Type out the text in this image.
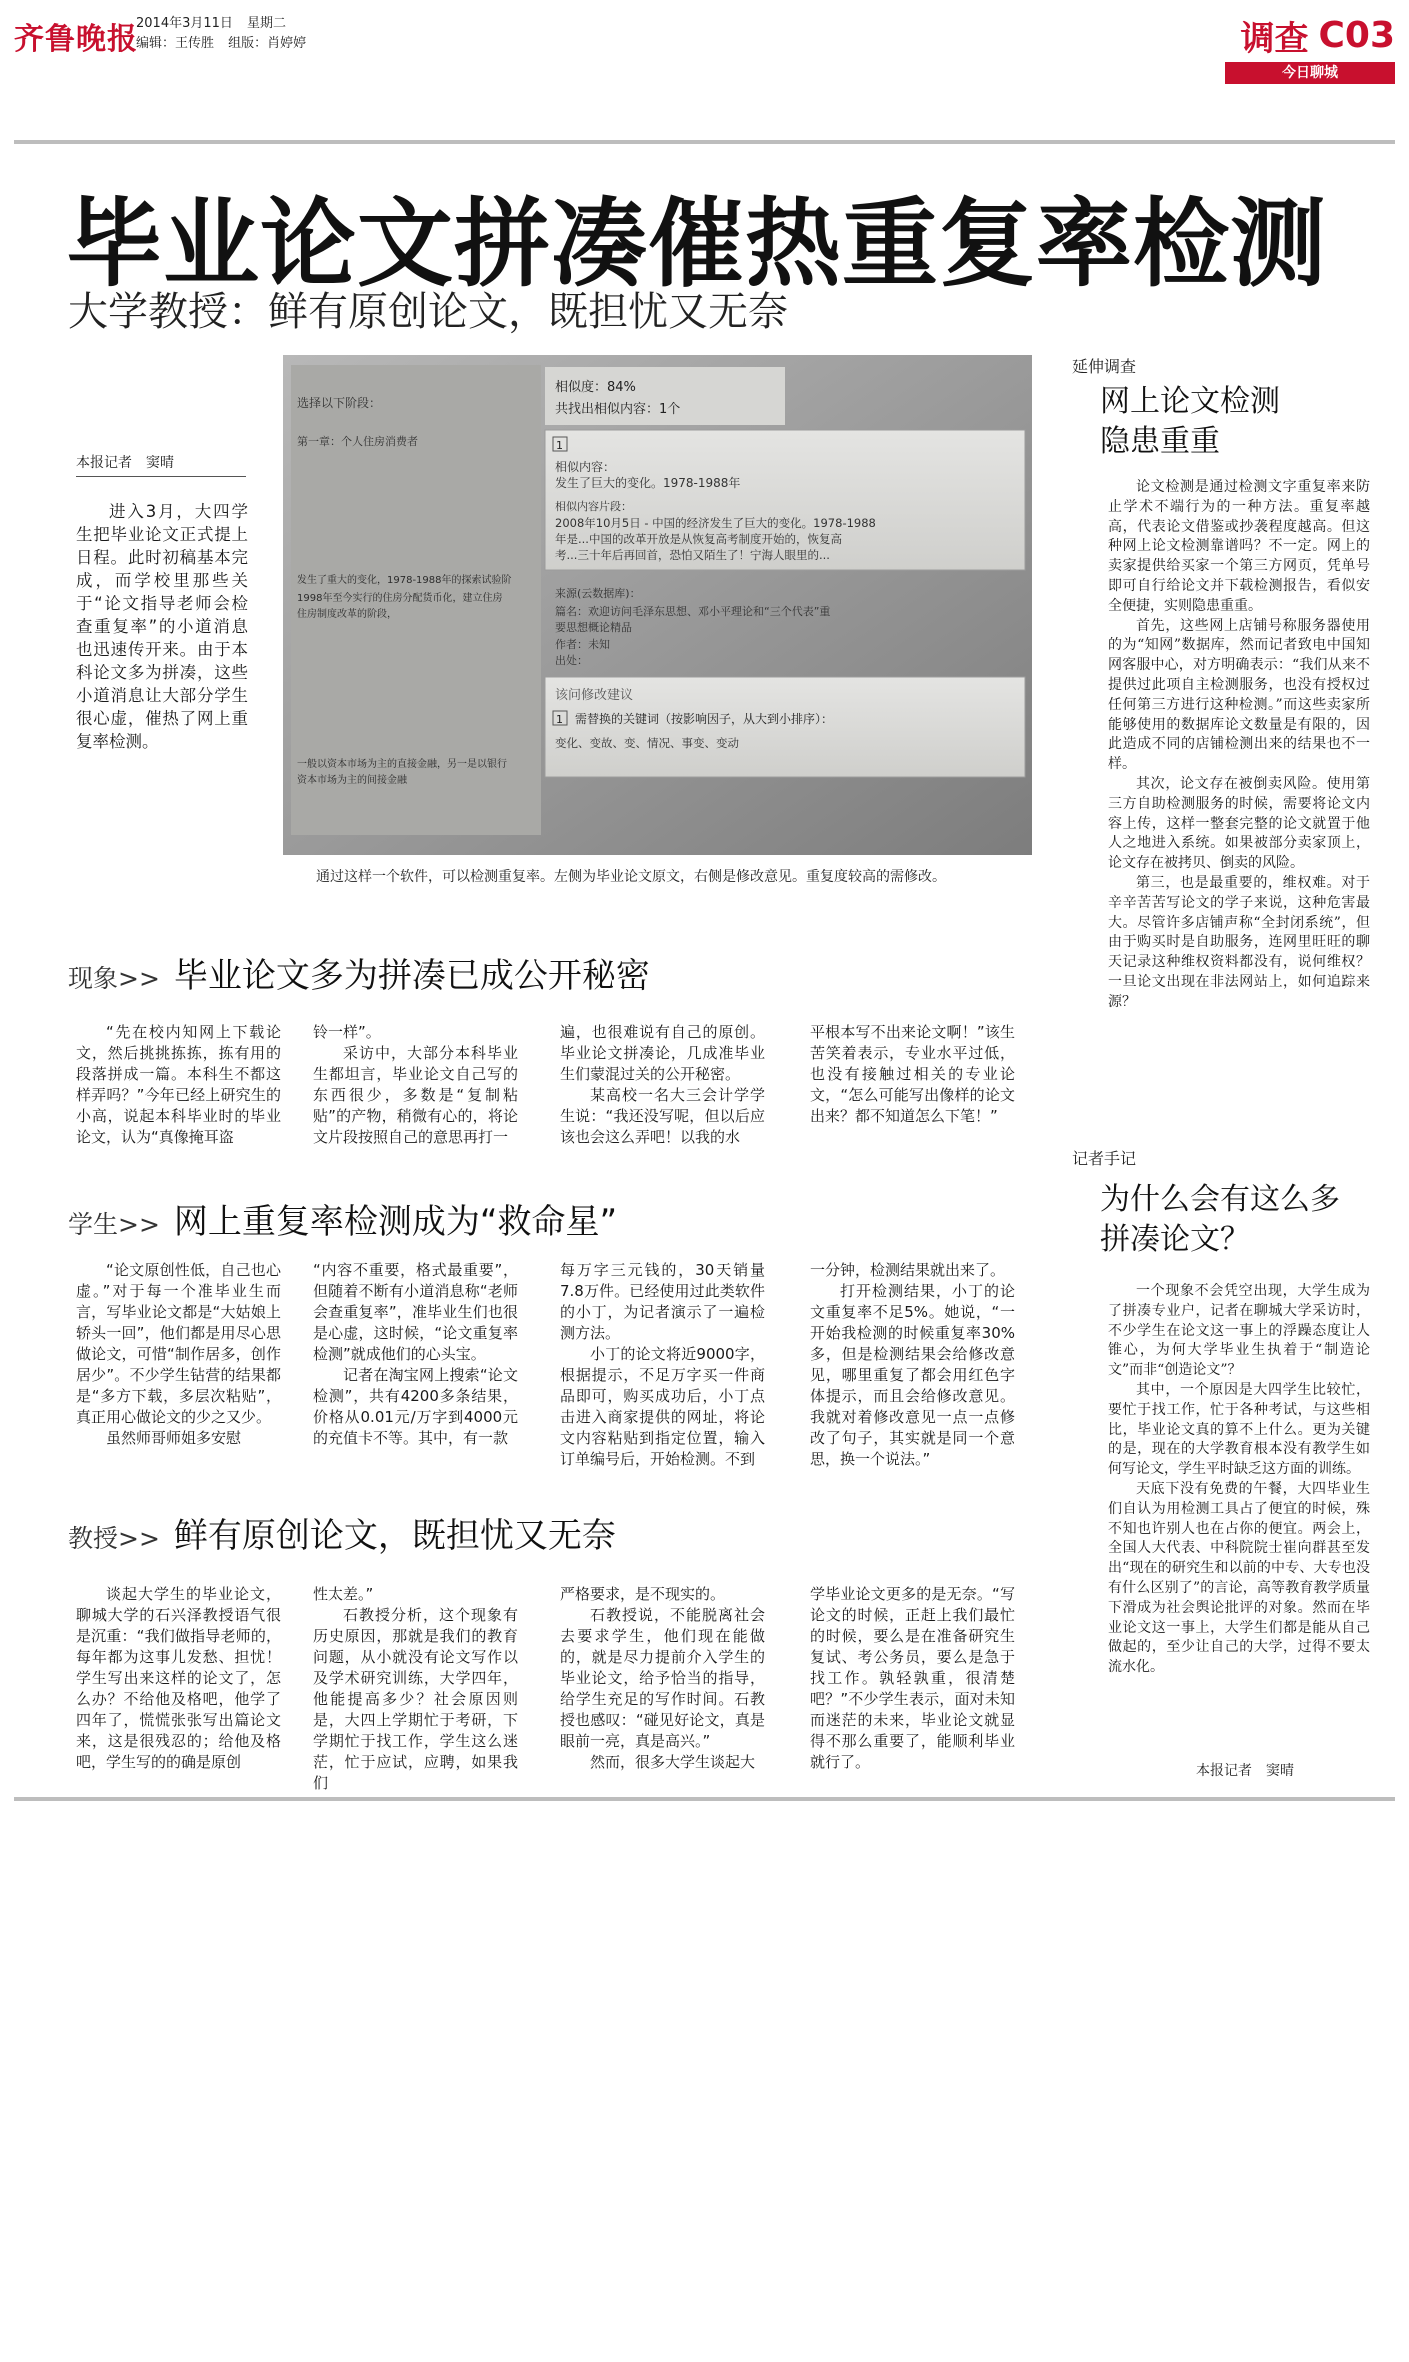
齐鲁晚报
2014年3月11日 星期二
编辑：王传胜 组版：肖婷婷	调查 C03
今日聊城
毕业论文拼凑催热重复率检测
大学教授：鲜有原创论文，既担忧又无奈
本报记者　窦晴

进入3月，大四学生把毕业论文正式提上日程。此时初稿基本完成，而学校里那些关于“论文指导老师会检查重复率”的小道消息也迅速传开来。由于本科论文多为拼凑，这些小道消息让大部分学生很心虚，催热了网上重复率检测。

选择以下阶段：
第一章：个人住房消费者
发生了重大的变化，1978-1988年的探索试验阶
1998年至今实行的住房分配货币化，建立住房
住房制度改革的阶段，
一般以资本市场为主的直接金融，另一是以银行
资本市场为主的间接金融
相似度：84%
共找出相似内容：1个
1
相似内容：
发生了巨大的变化。1978-1988年
相似内容片段：
2008年10月5日 - 中国的经济发生了巨大的变化。1978-1988
年是...中国的改革开放是从恢复高考制度开始的，恢复高
考...三十年后再回首，恐怕又陌生了！宁海人眼里的...
来源(云数据库)：
篇名：欢迎访问毛泽东思想、邓小平理论和“三个代表”重
要思想概论精品
作者：未知
出处：
该问修改建议
1 需替换的关键词（按影响因子，从大到小排序）：
变化、变故、变、情况、事变、变动
通过这样一个软件，可以检测重复率。左侧为毕业论文原文，右侧是修改意见。重复度较高的需修改。
现象 >> 毕业论文多为拼凑已成公开秘密

“先在校内知网上下载论文，然后挑挑拣拣，拣有用的段落拼成一篇。本科生不都这样弄吗？”今年已经上研究生的小高，说起本科毕业时的毕业论文，认为“真像掩耳盗

铃一样”。

采访中，大部分本科毕业生都坦言，毕业论文自己写的东西很少，多数是“复制粘贴”的产物，稍微有心的，将论文片段按照自己的意思再打一

遍，也很难说有自己的原创。毕业论文拼凑论，几成准毕业生们蒙混过关的公开秘密。

某高校一名大三会计学学生说：“我还没写呢，但以后应该也会这么弄吧！以我的水

平根本写不出来论文啊！”该生苦笑着表示，专业水平过低，也没有接触过相关的专业论文，“怎么可能写出像样的论文出来？都不知道怎么下笔！”

学生 >> 网上重复率检测成为“救命星”

“论文原创性低，自己也心虚。”对于每一个准毕业生而言，写毕业论文都是“大姑娘上轿头一回”，他们都是用尽心思做论文，可惜“制作居多，创作居少”。不少学生钻营的结果都是“多方下载，多层次粘贴”，真正用心做论文的少之又少。

虽然师哥师姐多安慰

“内容不重要，格式最重要”，但随着不断有小道消息称“老师会查重复率”，准毕业生们也很是心虚，这时候，“论文重复率检测”就成他们的心头宝。

记者在淘宝网上搜索“论文检测”，共有4200多条结果，价格从0.01元/万字到4000元的充值卡不等。其中，有一款

每万字三元钱的，30天销量7.8万件。已经使用过此类软件的小丁，为记者演示了一遍检测方法。

小丁的论文将近9000字，根据提示，不足万字买一件商品即可，购买成功后，小丁点击进入商家提供的网址，将论文内容粘贴到指定位置，输入订单编号后，开始检测。不到

一分钟，检测结果就出来了。

打开检测结果，小丁的论文重复率不足5%。她说，“一开始我检测的时候重复率30%多，但是检测结果会给修改意见，哪里重复了都会用红色字体提示，而且会给修改意见。我就对着修改意见一点一点修改了句子，其实就是同一个意思，换一个说法。”

教授 >> 鲜有原创论文，既担忧又无奈

谈起大学生的毕业论文，聊城大学的石兴泽教授语气很是沉重：“我们做指导老师的，每年都为这事儿发愁、担忧！学生写出来这样的论文了，怎么办？不给他及格吧，他学了四年了，慌慌张张写出篇论文来，这是很残忍的；给他及格吧，学生写的的确是原创

性太差。”

石教授分析，这个现象有历史原因，那就是我们的教育问题，从小就没有论文写作以及学术研究训练，大学四年，他能提高多少？社会原因则是，大四上学期忙于考研，下学期忙于找工作，学生这么迷茫，忙于应试，应聘，如果我们

严格要求，是不现实的。

石教授说，不能脱离社会去要求学生，他们现在能做的，就是尽力提前介入学生的毕业论文，给予恰当的指导，给学生充足的写作时间。石教授也感叹：“碰见好论文，真是眼前一亮，真是高兴。”

然而，很多大学生谈起大

学毕业论文更多的是无奈。“写论文的时候，正赶上我们最忙的时候，要么是在准备研究生复试、考公务员，要么是急于找工作。孰轻孰重，很清楚吧？”不少学生表示，面对未知而迷茫的未来，毕业论文就显得不那么重要了，能顺利毕业就行了。

延伸调查
网上论文检测隐患重重

论文检测是通过检测文字重复率来防止学术不端行为的一种方法。重复率越高，代表论文借鉴或抄袭程度越高。但这种网上论文检测靠谱吗？不一定。网上的卖家提供给买家一个第三方网页，凭单号即可自行给论文并下载检测报告，看似安全便捷，实则隐患重重。

首先，这些网上店铺号称服务器使用的为“知网”数据库，然而记者致电中国知网客服中心，对方明确表示：“我们从来不提供过此项自主检测服务，也没有授权过任何第三方进行这种检测。”而这些卖家所能够使用的数据库论文数量是有限的，因此造成不同的店铺检测出来的结果也不一样。

其次，论文存在被倒卖风险。使用第三方自助检测服务的时候，需要将论文内容上传，这样一整套完整的论文就置于他人之地进入系统。如果被部分卖家顶上，论文存在被拷贝、倒卖的风险。

第三，也是最重要的，维权难。对于辛辛苦苦写论文的学子来说，这种危害最大。尽管许多店铺声称“全封闭系统”，但由于购买时是自助服务，连网里旺旺的聊天记录这种维权资料都没有，说何维权？一旦论文出现在非法网站上，如何追踪来源？

记者手记
为什么会有这么多拼凑论文？

一个现象不会凭空出现，大学生成为了拼凑专业户，记者在聊城大学采访时，不少学生在论文这一事上的浮躁态度让人锥心，为何大学毕业生执着于“制造论文”而非“创造论文”？

其中，一个原因是大四学生比较忙，要忙于找工作，忙于各种考试，与这些相比，毕业论文真的算不上什么。更为关键的是，现在的大学教育根本没有教学生如何写论文，学生平时缺乏这方面的训练。

天底下没有免费的午餐，大四毕业生们自认为用检测工具占了便宜的时候，殊不知也许别人也在占你的便宜。两会上，全国人大代表、中科院院士崔向群甚至发出“现在的研究生和以前的中专、大专也没有什么区别了”的言论，高等教育教学质量下滑成为社会舆论批评的对象。然而在毕业论文这一事上，大学生们都是能从自己做起的，至少让自己的大学，过得不要太流水化。

本报记者　窦晴
